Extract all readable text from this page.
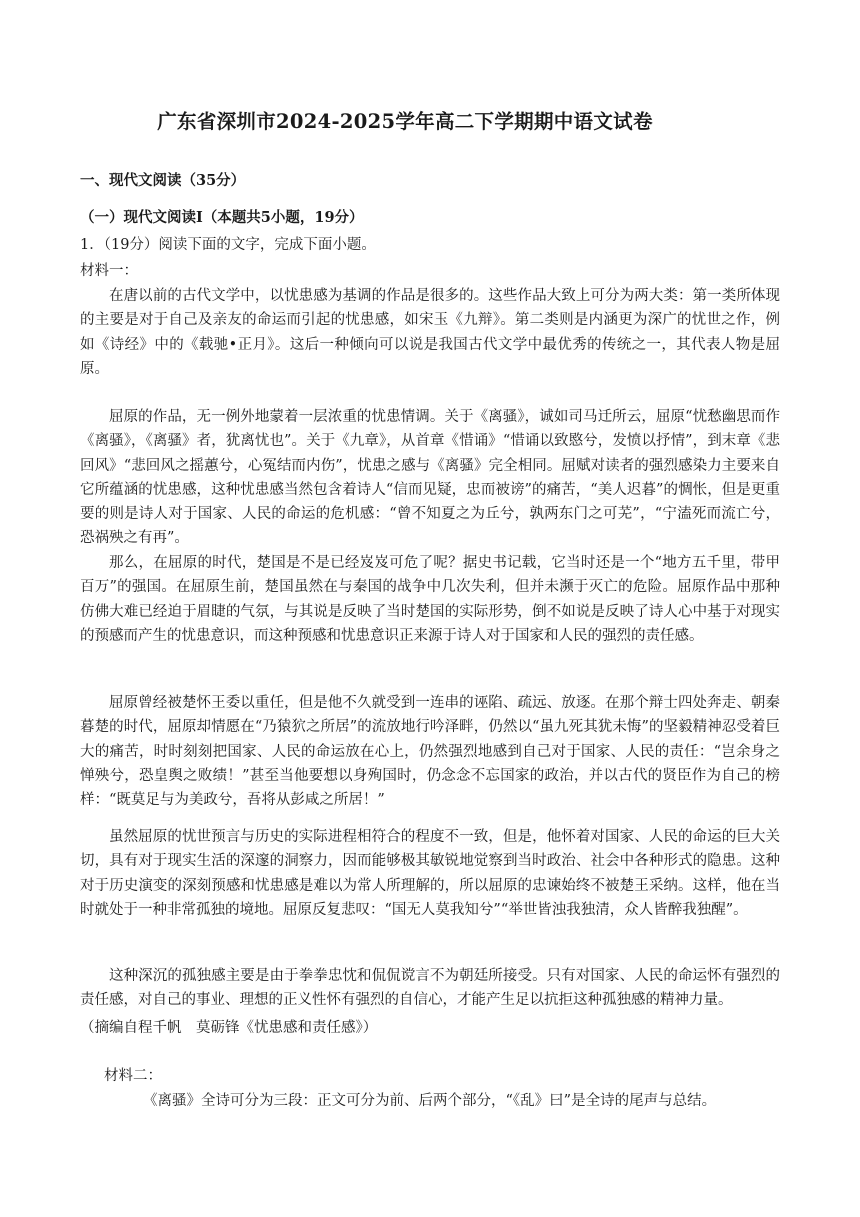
广东省深圳市2024-2025学年高二下学期期中语文试卷
一、现代文阅读（35分）
（一）现代文阅读Ⅰ（本题共5小题，19分）
1．（19分）阅读下面的文字，完成下面小题。
材料一：

在唐以前的古代文学中，以忧患感为基调的作品是很多的。这些作品大致上可分为两大类：第一类所体现的主要是对于自己及亲友的命运而引起的忧患感，如宋玉《九辩》。第二类则是内涵更为深广的忧世之作，例如《诗经》中的《载驰•正月》。这后一种倾向可以说是我国古代文学中最优秀的传统之一，其代表人物是屈原。

屈原的作品，无一例外地蒙着一层浓重的忧患情调。关于《离骚》，诚如司马迁所云，屈原“忧愁幽思而作《离骚》，《离骚》者，犹离忧也”。关于《九章》，从首章《惜诵》“惜诵以致愍兮，发愤以抒情”，到末章《悲回风》“悲回风之摇蕙兮，心冤结而内伤”，忧患之感与《离骚》完全相同。屈赋对读者的强烈感染力主要来自它所蕴涵的忧患感，这种忧患感当然包含着诗人“信而见疑，忠而被谤”的痛苦，“美人迟暮”的惆怅，但是更重要的则是诗人对于国家、人民的命运的危机感：“曾不知夏之为丘兮，孰两东门之可芜”，“宁溘死而流亡兮，恐祸殃之有再”。

那么，在屈原的时代，楚国是不是已经岌岌可危了呢？据史书记载，它当时还是一个“地方五千里，带甲百万”的强国。在屈原生前，楚国虽然在与秦国的战争中几次失利，但并未濒于灭亡的危险。屈原作品中那种仿佛大难已经迫于眉睫的气氛，与其说是反映了当时楚国的实际形势，倒不如说是反映了诗人心中基于对现实的预感而产生的忧患意识，而这种预感和忧患意识正来源于诗人对于国家和人民的强烈的责任感。

屈原曾经被楚怀王委以重任，但是他不久就受到一连串的诬陷、疏远、放逐。在那个辩士四处奔走、朝秦暮楚的时代，屈原却情愿在“乃猿狖之所居”的流放地行吟泽畔，仍然以“虽九死其犹未悔”的坚毅精神忍受着巨大的痛苦，时时刻刻把国家、人民的命运放在心上，仍然强烈地感到自己对于国家、人民的责任：“岂余身之惮殃兮，恐皇舆之败绩！”甚至当他要想以身殉国时，仍念念不忘国家的政治，并以古代的贤臣作为自己的榜样：“既莫足与为美政兮，吾将从彭咸之所居！”

虽然屈原的忧世预言与历史的实际进程相符合的程度不一致，但是，他怀着对国家、人民的命运的巨大关切，具有对于现实生活的深邃的洞察力，因而能够极其敏锐地觉察到当时政治、社会中各种形式的隐患。这种对于历史演变的深刻预感和忧患感是难以为常人所理解的，所以屈原的忠谏始终不被楚王采纳。这样，他在当时就处于一种非常孤独的境地。屈原反复悲叹：“国无人莫我知兮”“举世皆浊我独清，众人皆醉我独醒”。

这种深沉的孤独感主要是由于拳拳忠忱和侃侃谠言不为朝廷所接受。只有对国家、人民的命运怀有强烈的责任感，对自己的事业、理想的正义性怀有强烈的自信心，才能产生足以抗拒这种孤独感的精神力量。

（摘编自程千帆　莫砺锋《忧患感和责任感》）
材料二：
《离骚》全诗可分为三段：正文可分为前、后两个部分，“《乱》曰”是全诗的尾声与总结。
